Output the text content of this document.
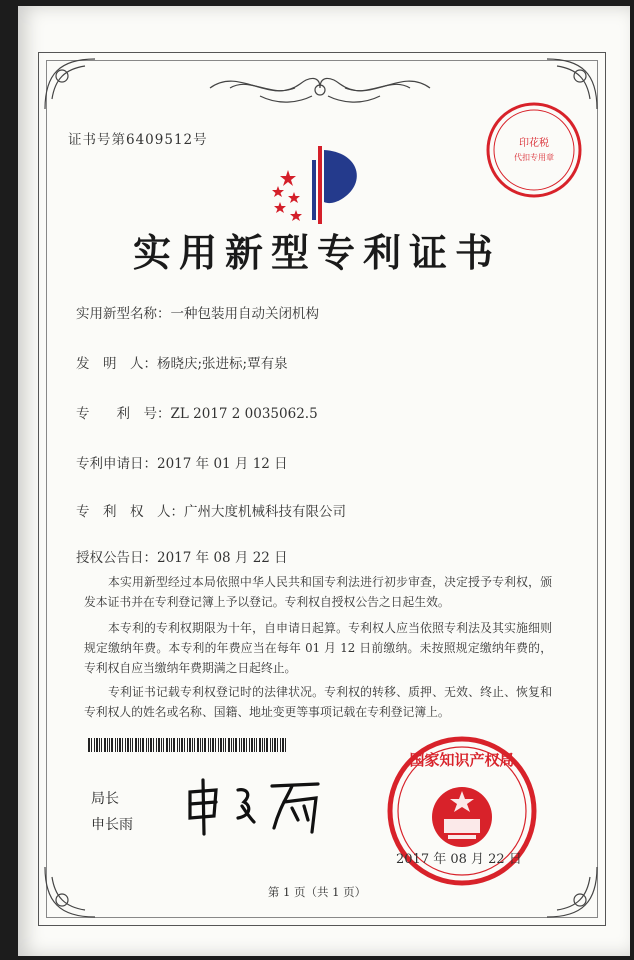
证书号第6409512号	印花税
代扣专用章
实用新型专利证书
实用新型名称：一种包装用自动关闭机构
发　明　人：杨晓庆;张进标;覃有泉
专　　利　号：ZL 2017 2 0035062.5
专利申请日：2017 年 01 月 12 日
专　利　权　人：广州大度机械科技有限公司
授权公告日：2017 年 08 月 22 日
本实用新型经过本局依照中华人民共和国专利法进行初步审查，决定授予专利权，颁发本证书并在专利登记簿上予以登记。专利权自授权公告之日起生效。
本专利的专利权期限为十年，自申请日起算。专利权人应当依照专利法及其实施细则规定缴纳年费。本专利的年费应当在每年 01 月 12 日前缴纳。未按照规定缴纳年费的，专利权自应当缴纳年费期满之日起终止。
专利证书记载专利权登记时的法律状况。专利权的转移、质押、无效、终止、恢复和专利权人的姓名或名称、国籍、地址变更等事项记载在专利登记簿上。
局长
申长雨
国家知识产权局
2017 年 08 月 22 日
第 1 页（共 1 页）
